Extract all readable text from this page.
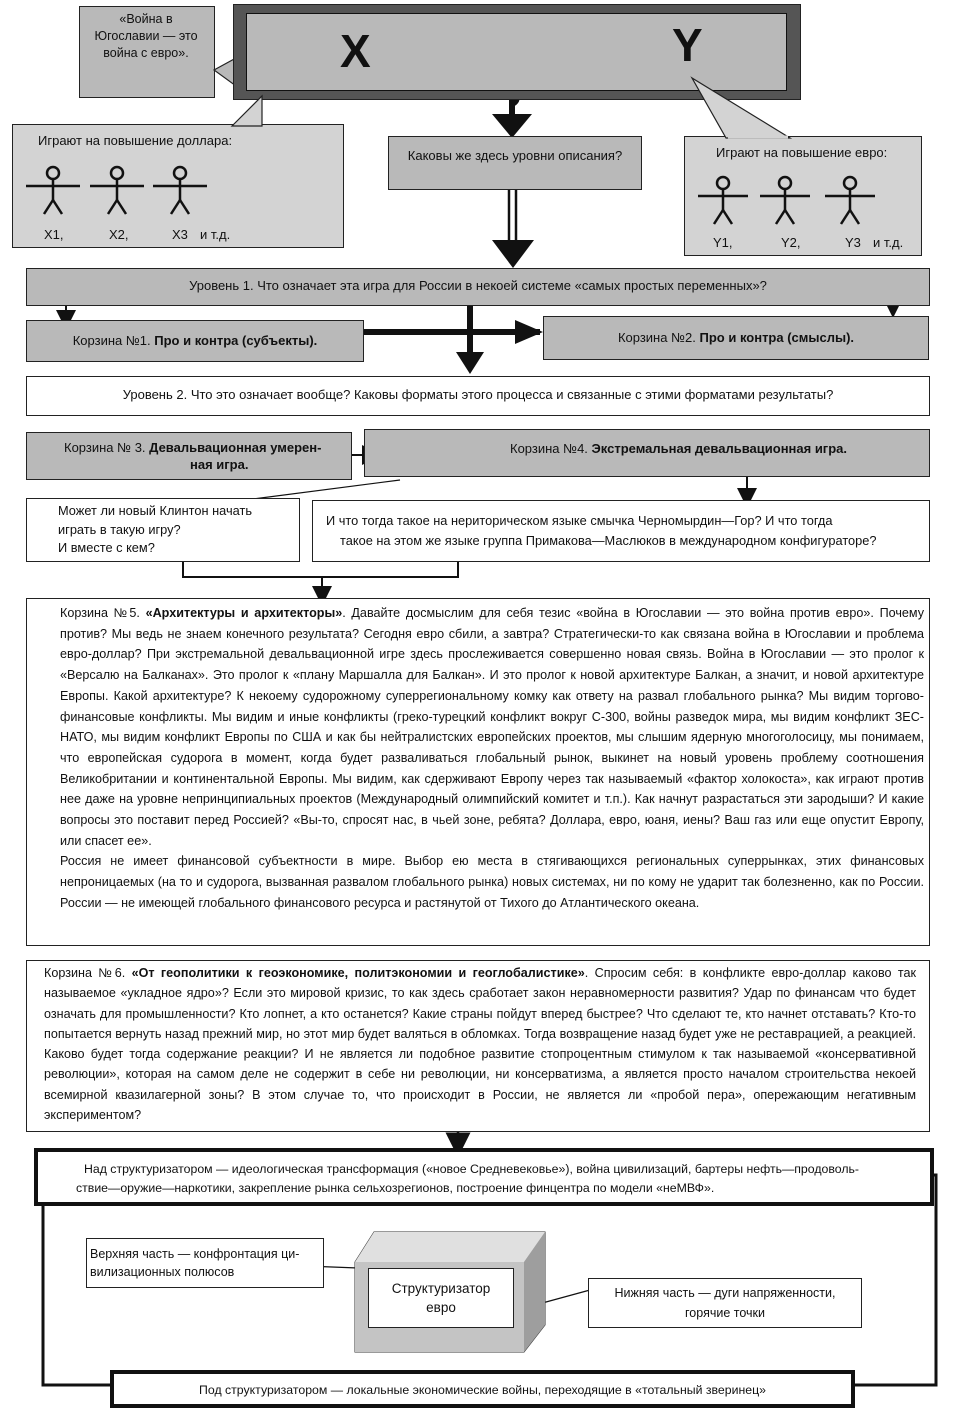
«Война в Югославии — это война с евро».	X	Y
Играют на повышение доллара:
X1,	X2,	X3 и т.д.
Каковы же здесь уровни описания?	Играют на повышение евро:
Y1,	Y2,	Y3 и т.д.
Уровень 1. Что означает эта игра для России в некоей системе «самых простых переменных»?
Корзина №1. Про и контра (субъекты).	Корзина №2. Про и контра (смыслы).
Уровень 2. Что это означает вообще? Каковы форматы этого процесса и связанные с этими форматами результаты?
Корзина № 3. Девальвационная умерен-
ная игра.
Корзина №4. Экстремальная девальвационная игра.
Может ли новый Клинтон начать
играть в такую игру?
И вместе с кем?
И что тогда такое на нериторическом языке смычка Черномырдин—Гор? И что тогда
такое на этом же языке группа Примакова—Маслюков в международном конфигураторе?
Корзина №5. «Архитектуры и архитекторы». Давайте досмыслим для себя тезис «война в Югославии — это война против евро». Почему против? Мы ведь не знаем конечного результата? Сегодня евро сбили, а завтра? Стратегически-то как связана война в Югославии и проблема евро-доллар? При экстремальной девальвационной игре здесь прослеживается совершенно новая связь. Война в Югославии — это пролог к «Версалю на Балканах». Это пролог к «плану Маршалла для Балкан». И это пролог к новой архитектуре Балкан, а значит, и новой архитектуре Европы. Какой архитектуре? К некоему судорожному суперрегиональному комку как ответу на развал глобального рынка? Мы видим торгово-финансовые конфликты. Мы видим и иные конфликты (греко-турецкий конфликт вокруг С-300, войны разведок мира, мы видим конфликт ЗЕС-НАТО, мы видим конфликт Европы по США и как бы нейтралистских европейских проектов, мы слышим ядерную многоголосицу, мы понимаем, что европейская судорога в момент, когда будет разваливаться глобальный рынок, выкинет на новый уровень проблему соотношения Великобритании и континентальной Европы. Мы видим, как сдерживают Европу через так называемый «фактор холокоста», как играют против нее даже на уровне непринципиальных проектов (Международный олимпийский комитет и т.п.). Как начнут разрастаться эти зародыши? И какие вопросы это поставит перед Россией? «Вы-то, спросят нас, в чьей зоне, ребята? Доллара, евро, юаня, иены? Ваш газ или еще опустит Европу, или спасет ее».
Россия не имеет финансовой субъектности в мире. Выбор ею места в стягивающихся региональных суперрынках, этих финансовых непроницаемых (на то и судорога, вызванная развалом глобального рынка) новых системах, ни по кому не ударит так болезненно, как по России. России — не имеющей глобального финансового ресурса и растянутой от Тихого до Атлантического океана.
Корзина №6. «От геополитики к геоэкономике, политэкономии и геоглобалистике». Спросим себя: в конфликте евро-доллар каково так называемое «укладное ядро»? Если это мировой кризис, то как здесь сработает закон неравномерности развития? Удар по финансам что будет означать для промышленности? Кто лопнет, а кто останется? Какие страны пойдут вперед быстрее? Что сделают те, кто начнет отставать? Кто-то попытается вернуть назад прежний мир, но этот мир будет валяться в обломках. Тогда возвращение назад будет уже не реставрацией, а реакцией. Каково будет тогда содержание реакции? И не является ли подобное развитие стопроцентным стимулом к так называемой «консервативной революции», которая на самом деле не содержит в себе ни революции, ни консерватизма, а является просто началом строительства некоей всемирной квазилагерной зоны? В этом случае то, что происходит в России, не является ли «пробой пера», опережающим негативным экспериментом?
Над структуризатором — идеологическая трансформация («новое Средневековье»), война цивилизаций, бартеры нефть—продоволь-
ствие—оружие—наркотики, закрепление рынка сельхозрегионов, построение финцентра по модели «неМВФ».
Верхняя часть — конфронтация ци-
вилизационных полюсов
Структуризатор
евро
Нижняя часть — дуги напряженности,
горячие точки
Под структуризатором — локальные экономические войны, переходящие в «тотальный зверинец»
